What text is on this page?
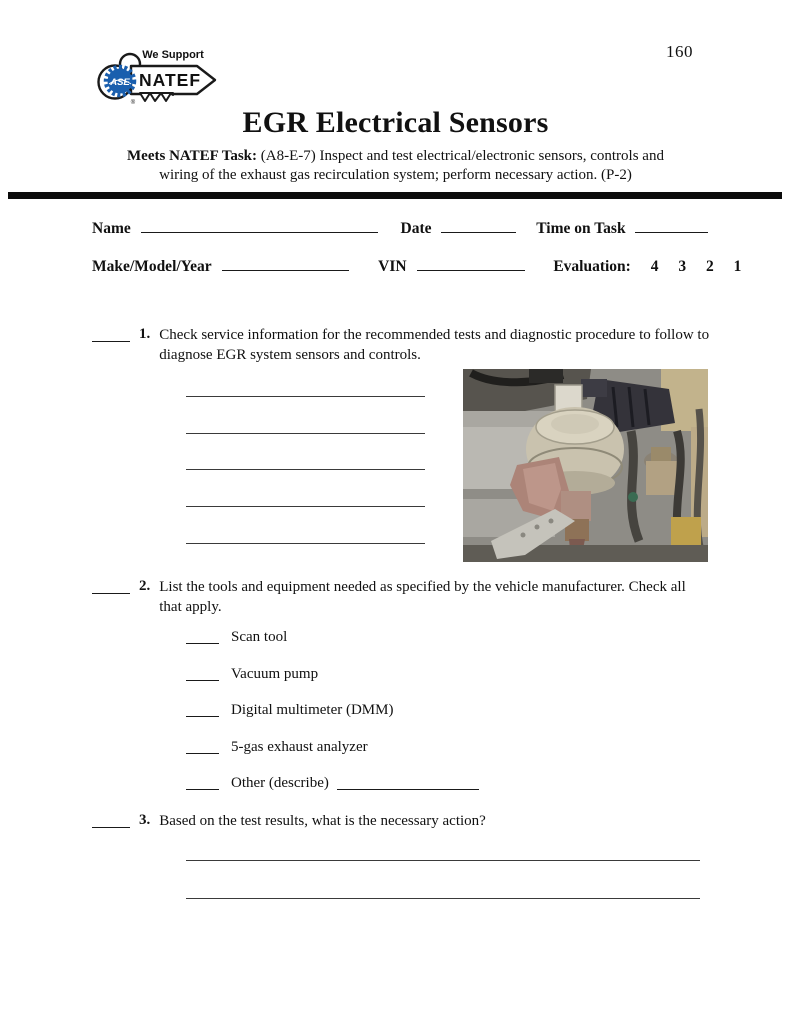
ASE
We Support
NATEF
®
160
EGR Electrical Sensors
Meets NATEF Task: (A8-E-7) Inspect and test electrical/electronic sensors, controls and
wiring of the exhaust gas recirculation system; perform necessary action. (P-2)
Name	Date	Time on Task
Make/Model/Year	VIN	Evaluation: 4 3 2 1
1. Check service information for the recommended tests and diagnostic procedure to follow to diagnose EGR system sensors and controls.
2. List the tools and equipment needed as specified by the vehicle manufacturer. Check all that apply.
Scan tool
Vacuum pump
Digital multimeter (DMM)
5-gas exhaust analyzer
Other (describe)
3. Based on the test results, what is the necessary action?
